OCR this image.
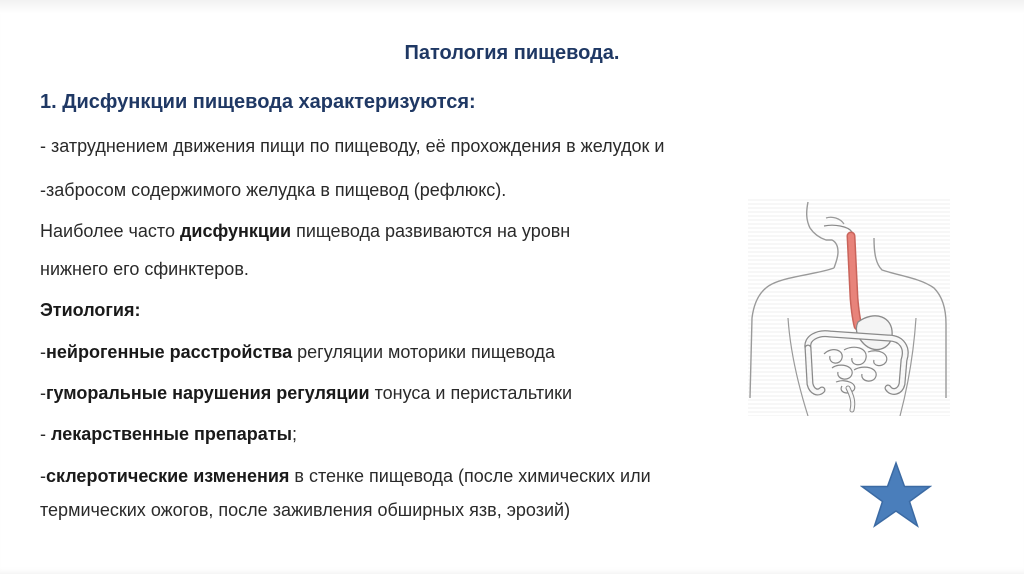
Патология пищевода.
1. Дисфункции пищевода характеризуются:
- затруднением движения пищи по пищеводу, её прохождения в желудок и
-забросом содержимого желудка в пищевод (рефлюкс).
Наиболее часто дисфункции пищевода развиваются на уровн
нижнего его сфинктеров.
Этиология:
-нейрогенные расстройства регуляции моторики пищевода
-гуморальные нарушения регуляции тонуса и перистальтики
- лекарственные препараты;
-склеротические изменения в стенке пищевода (после химических или
термических ожогов, после заживления обширных язв, эрозий)
